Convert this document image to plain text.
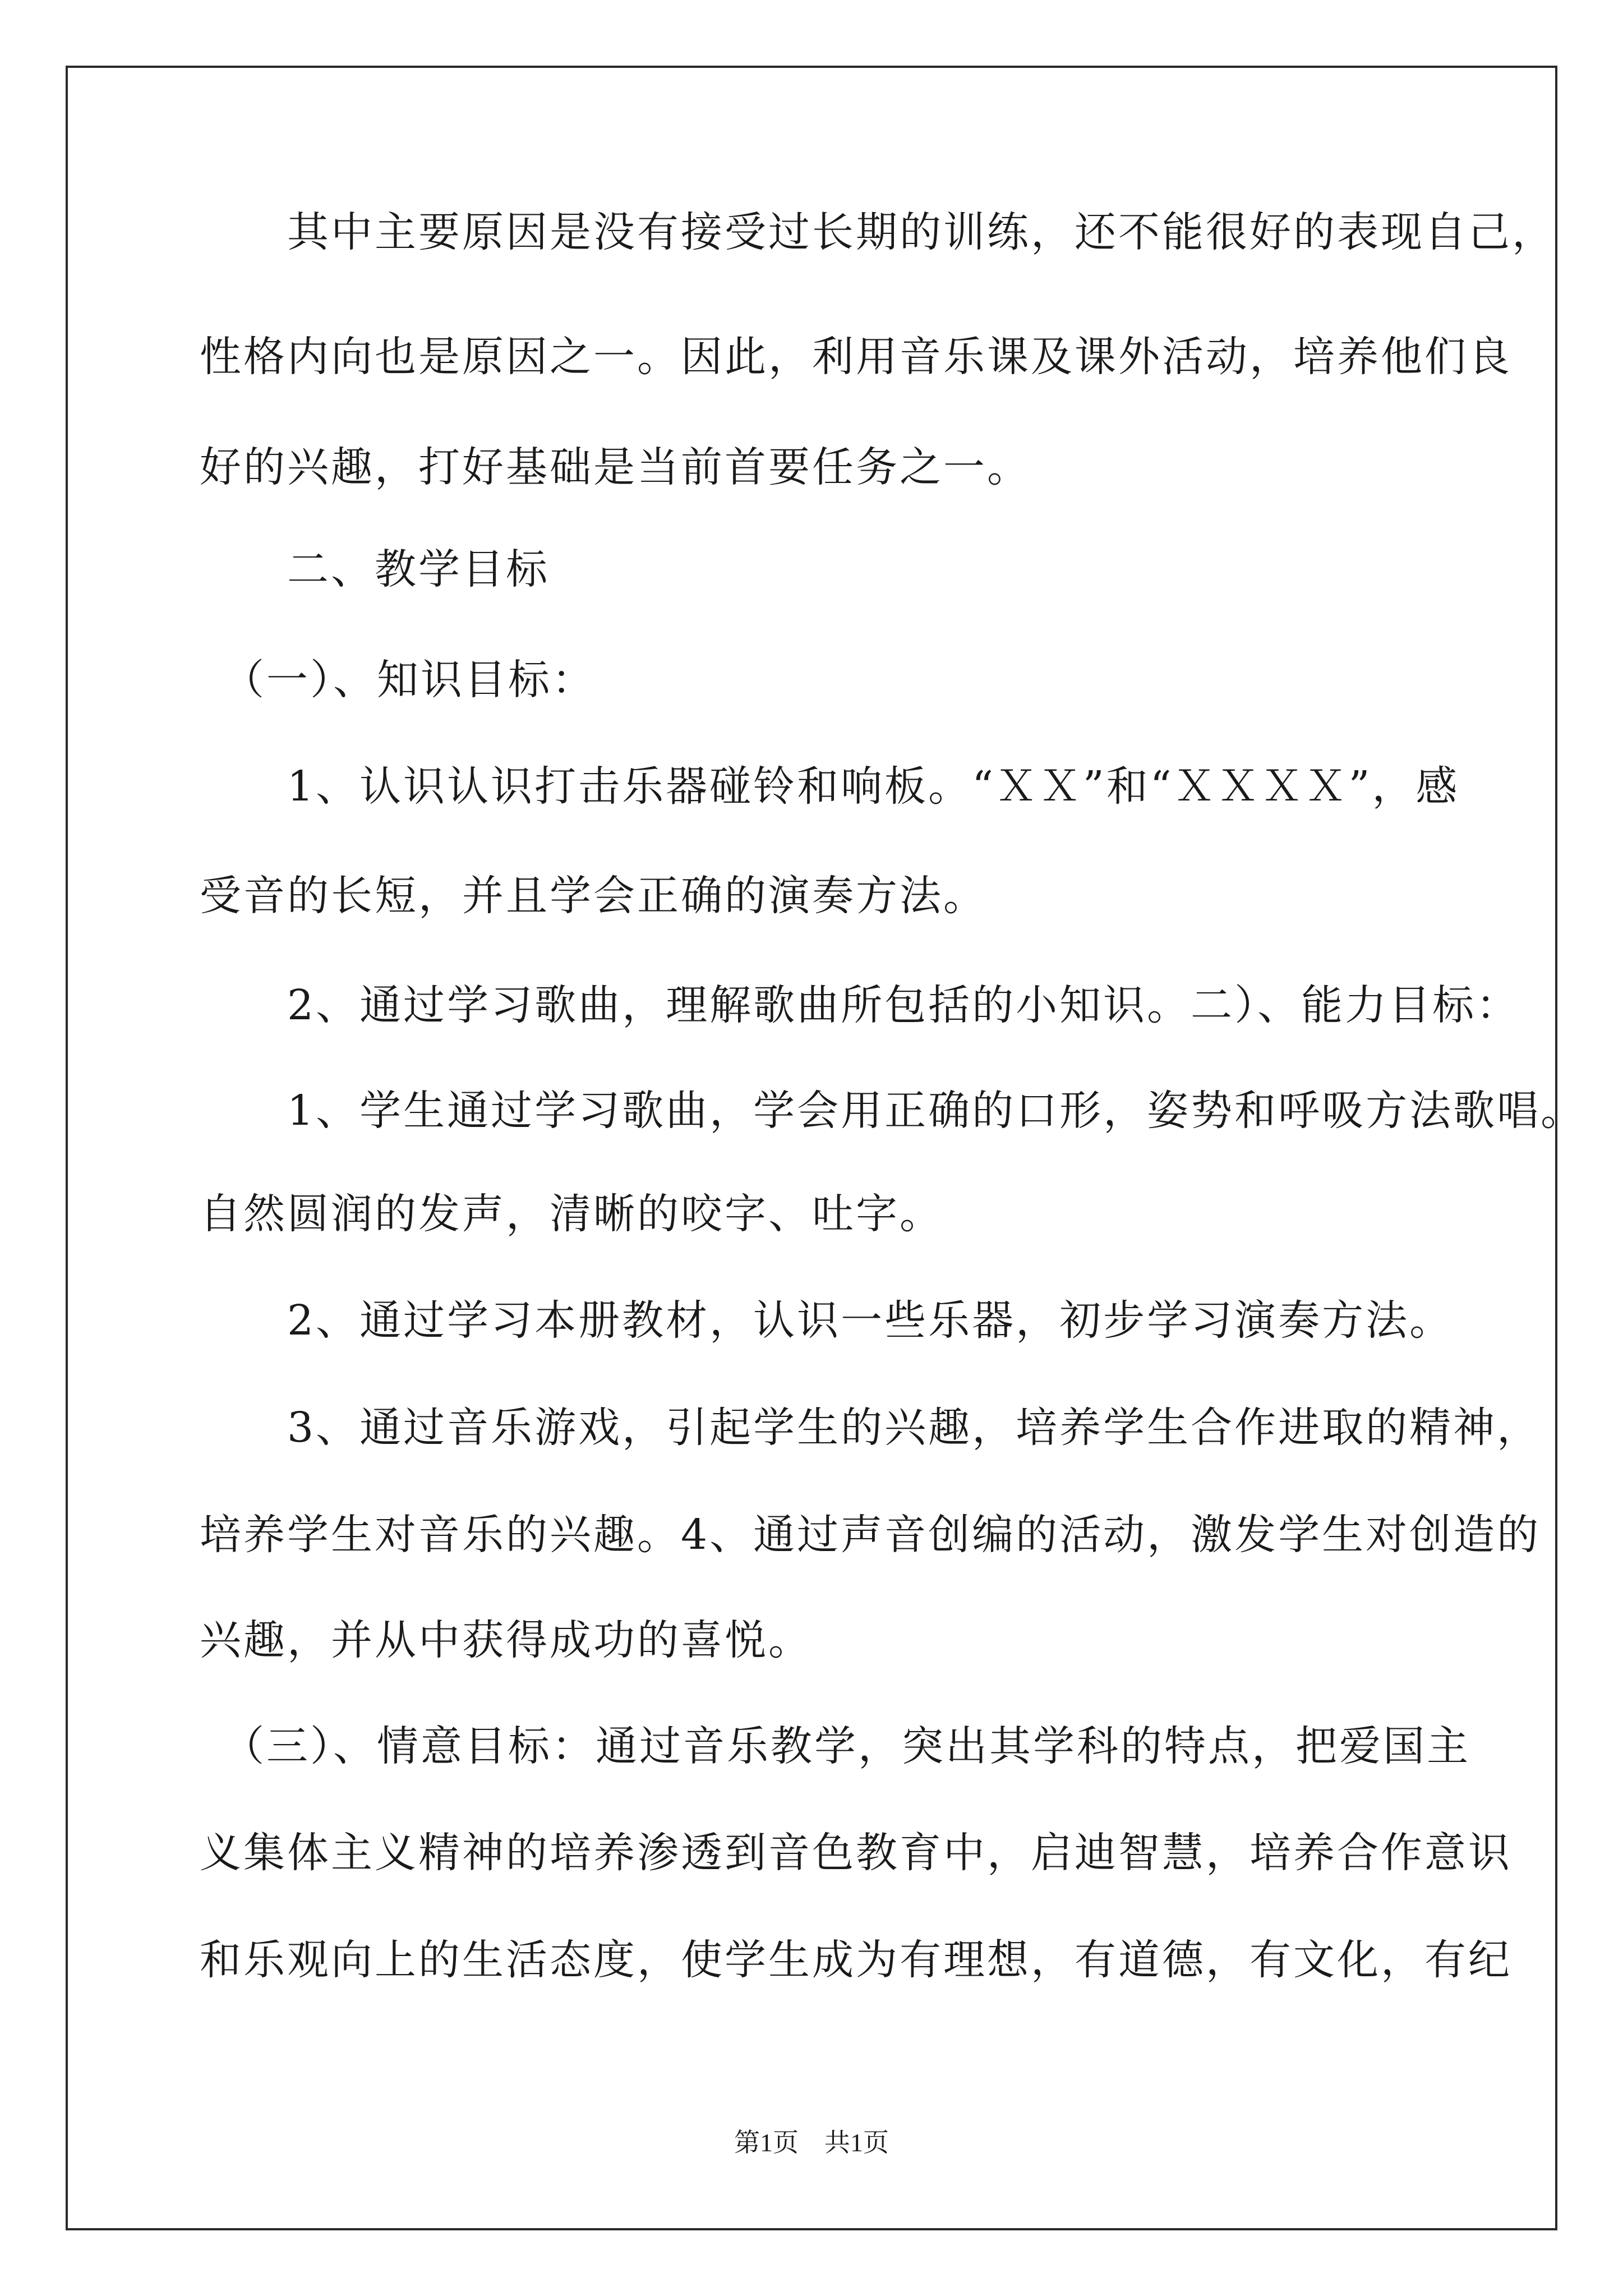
　　其中主要原因是没有接受过长期的训练，还不能很好的表现自己，
性格内向也是原因之一。因此，利用音乐课及课外活动，培养他们良
好的兴趣，打好基础是当前首要任务之一。
　　二、教学目标
　（一）、知识目标：
　　1、认识认识打击乐器碰铃和响板。“ＸＸ”和“ＸＸＸＸ”，感
受音的长短，并且学会正确的演奏方法。
　　2、通过学习歌曲，理解歌曲所包括的小知识。二）、能力目标：
　　1、学生通过学习歌曲，学会用正确的口形，姿势和呼吸方法歌唱。
自然圆润的发声，清晰的咬字、吐字。
　　2、通过学习本册教材，认识一些乐器，初步学习演奏方法。
　　3、通过音乐游戏，引起学生的兴趣，培养学生合作进取的精神，
培养学生对音乐的兴趣。4、通过声音创编的活动，激发学生对创造的
兴趣，并从中获得成功的喜悦。
　（三）、情意目标：通过音乐教学，突出其学科的特点，把爱国主
义集体主义精神的培养渗透到音色教育中，启迪智慧，培养合作意识
和乐观向上的生活态度，使学生成为有理想，有道德，有文化，有纪
第1页　共1页
